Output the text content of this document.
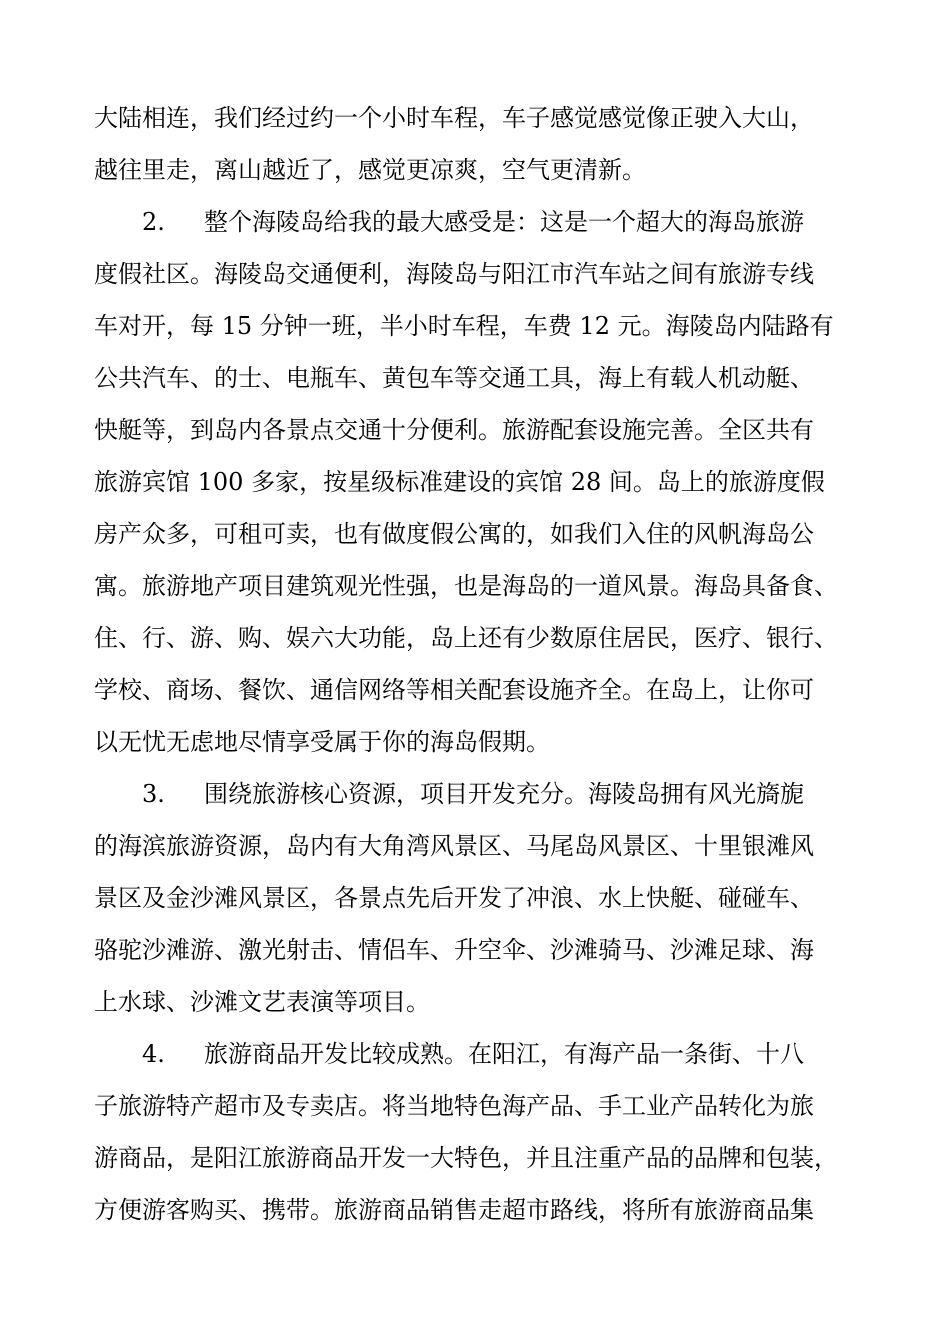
大陆相连，我们经过约一个小时车程，车子感觉感觉像正驶入大山，
越往里走，离山越近了，感觉更凉爽，空气更清新。
2. 整个海陵岛给我的最大感受是：这是一个超大的海岛旅游
度假社区。海陵岛交通便利，海陵岛与阳江市汽车站之间有旅游专线
车对开，每 15 分钟一班，半小时车程，车费 12 元。海陵岛内陆路有
公共汽车、的士、电瓶车、黄包车等交通工具，海上有载人机动艇、
快艇等，到岛内各景点交通十分便利。旅游配套设施完善。全区共有
旅游宾馆 100 多家，按星级标准建设的宾馆 28 间。岛上的旅游度假
房产众多，可租可卖，也有做度假公寓的，如我们入住的风帆海岛公
寓。旅游地产项目建筑观光性强，也是海岛的一道风景。海岛具备食、
住、行、游、购、娱六大功能，岛上还有少数原住居民，医疗、银行、
学校、商场、餐饮、通信网络等相关配套设施齐全。在岛上，让你可
以无忧无虑地尽情享受属于你的海岛假期。
3. 围绕旅游核心资源，项目开发充分。海陵岛拥有风光旖旎
的海滨旅游资源，岛内有大角湾风景区、马尾岛风景区、十里银滩风
景区及金沙滩风景区，各景点先后开发了冲浪、水上快艇、碰碰车、
骆驼沙滩游、激光射击、情侣车、升空伞、沙滩骑马、沙滩足球、海
上水球、沙滩文艺表演等项目。
4. 旅游商品开发比较成熟。在阳江，有海产品一条街、十八
子旅游特产超市及专卖店。将当地特色海产品、手工业产品转化为旅
游商品，是阳江旅游商品开发一大特色，并且注重产品的品牌和包装，
方便游客购买、携带。旅游商品销售走超市路线，将所有旅游商品集
